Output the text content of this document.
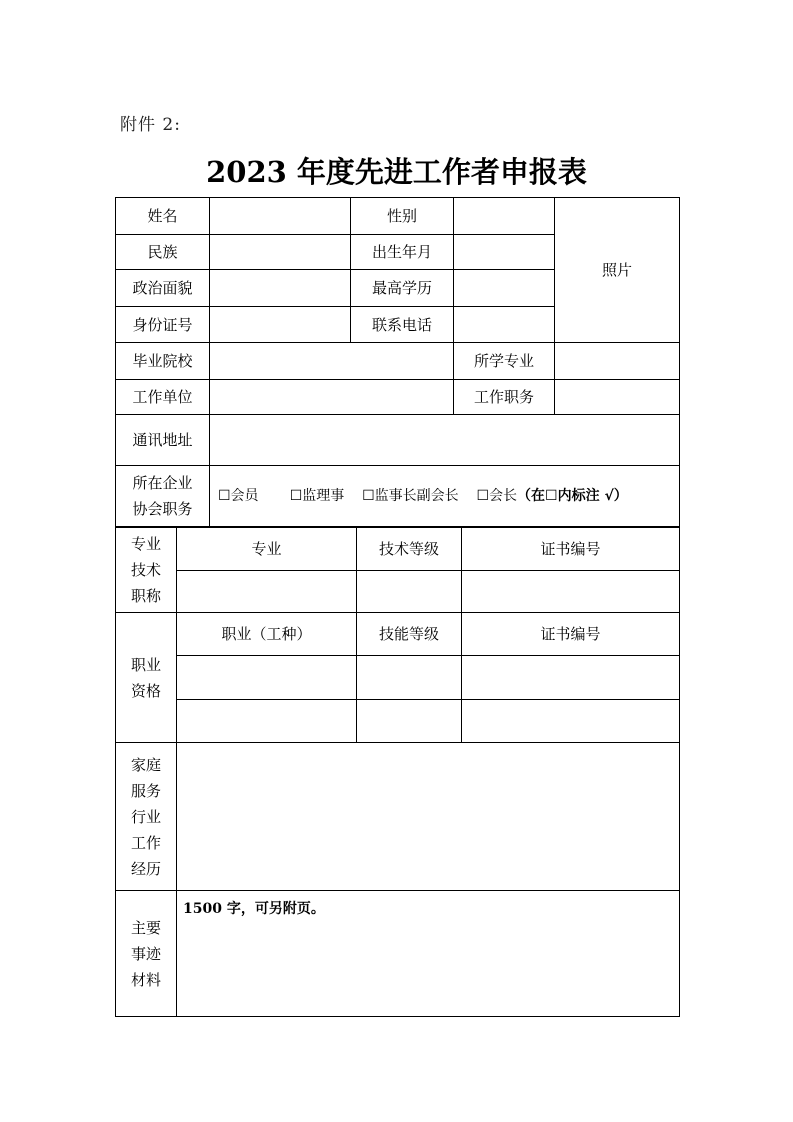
附件 2:
2023 年度先进工作者申报表
姓名		性别		照片
民族		出生年月		
政治面貌		最高学历		
身份证号		联系电话		
毕业院校			所学专业	
工作单位			工作职务	
通讯地址				

所在企业
协会职务	☐会员 ☐监理事 ☐监事长副会长 ☐会长（在☐内标注 √）			
专业
技术
职称	专业	技术等级	证书编号

职业
资格	职业（工种）	技能等级	证书编号

家庭
服务
行业
工作
经历			

主要
事迹
材料	1500 字，可另附页。		
